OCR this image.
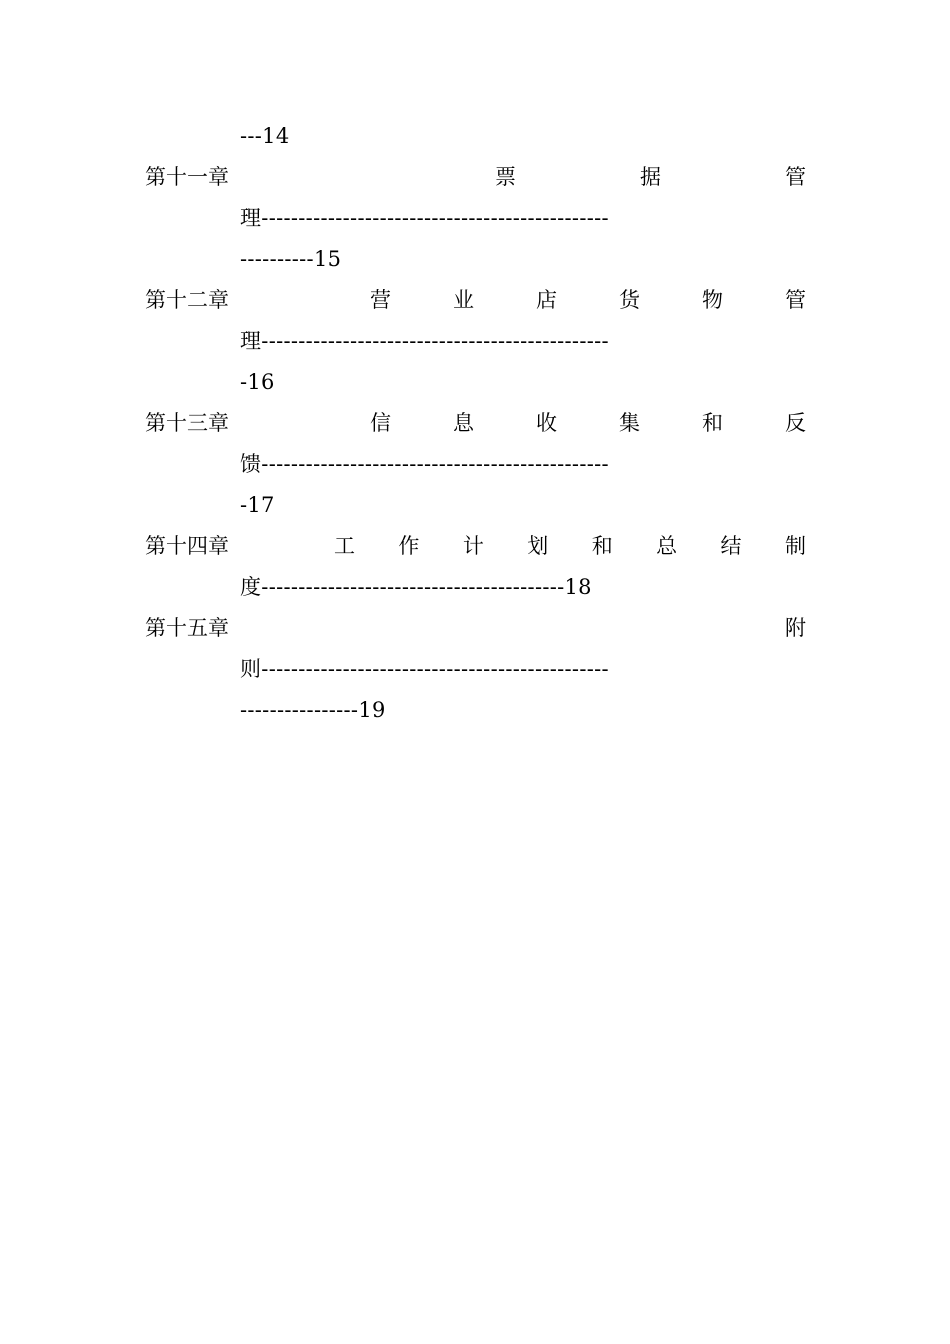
---14
第十一章	票	据	管
理-----------------------------------------------
----------15
第十二章	营	业	店	货	物	管
理-----------------------------------------------
-16
第十三章	信	息	收	集	和	反
馈-----------------------------------------------
-17
第十四章	工 作 计 划 和 总 结 制
度-----------------------------------------18
第十五章	附
则-----------------------------------------------
----------------19
